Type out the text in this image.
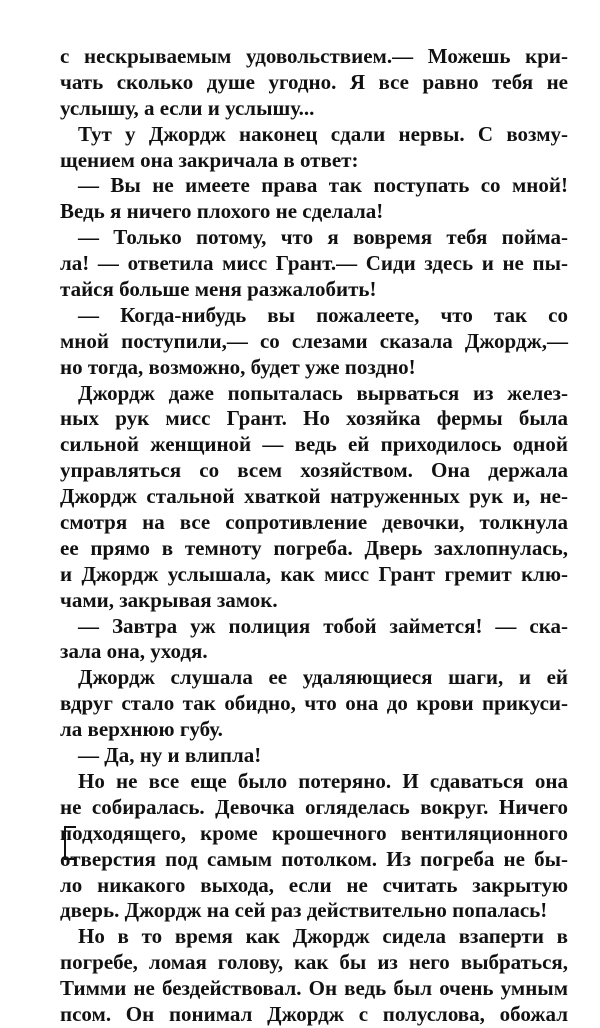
с нескрываемым удовольствием.— Можешь кри-
чать сколько душе угодно. Я все равно тебя не
услышу, а если и услышу...
Тут у Джордж наконец сдали нервы. С возму-
щением она закричала в ответ:
— Вы не имеете права так поступать со мной!
Ведь я ничего плохого не сделала!
— Только потому, что я вовремя тебя пойма-
ла! — ответила мисс Грант.— Сиди здесь и не пы-
тайся больше меня разжалобить!
— Когда-нибудь вы пожалеете, что так со
мной поступили,— со слезами сказала Джордж,—
но тогда, возможно, будет уже поздно!
Джордж даже попыталась вырваться из желез-
ных рук мисс Грант. Но хозяйка фермы была
сильной женщиной — ведь ей приходилось одной
управляться со всем хозяйством. Она держала
Джордж стальной хваткой натруженных рук и, не-
смотря на все сопротивление девочки, толкнула
ее прямо в темноту погреба. Дверь захлопнулась,
и Джордж услышала, как мисс Грант гремит клю-
чами, закрывая замок.
— Завтра уж полиция тобой займется! — ска-
зала она, уходя.
Джордж слушала ее удаляющиеся шаги, и ей
вдруг стало так обидно, что она до крови прикуси-
ла верхнюю губу.
— Да, ну и влипла!
Но не все еще было потеряно. И сдаваться она
не собиралась. Девочка огляделась вокруг. Ничего
подходящего, кроме крошечного вентиляционного
отверстия под самым потолком. Из погреба не бы-
ло никакого выхода, если не считать закрытую
дверь. Джордж на сей раз действительно попалась!
Но в то время как Джордж сидела взаперти в
погребе, ломая голову, как бы из него выбраться,
Тимми не бездействовал. Он ведь был очень умным
псом. Он понимал Джордж с полуслова, обожал
